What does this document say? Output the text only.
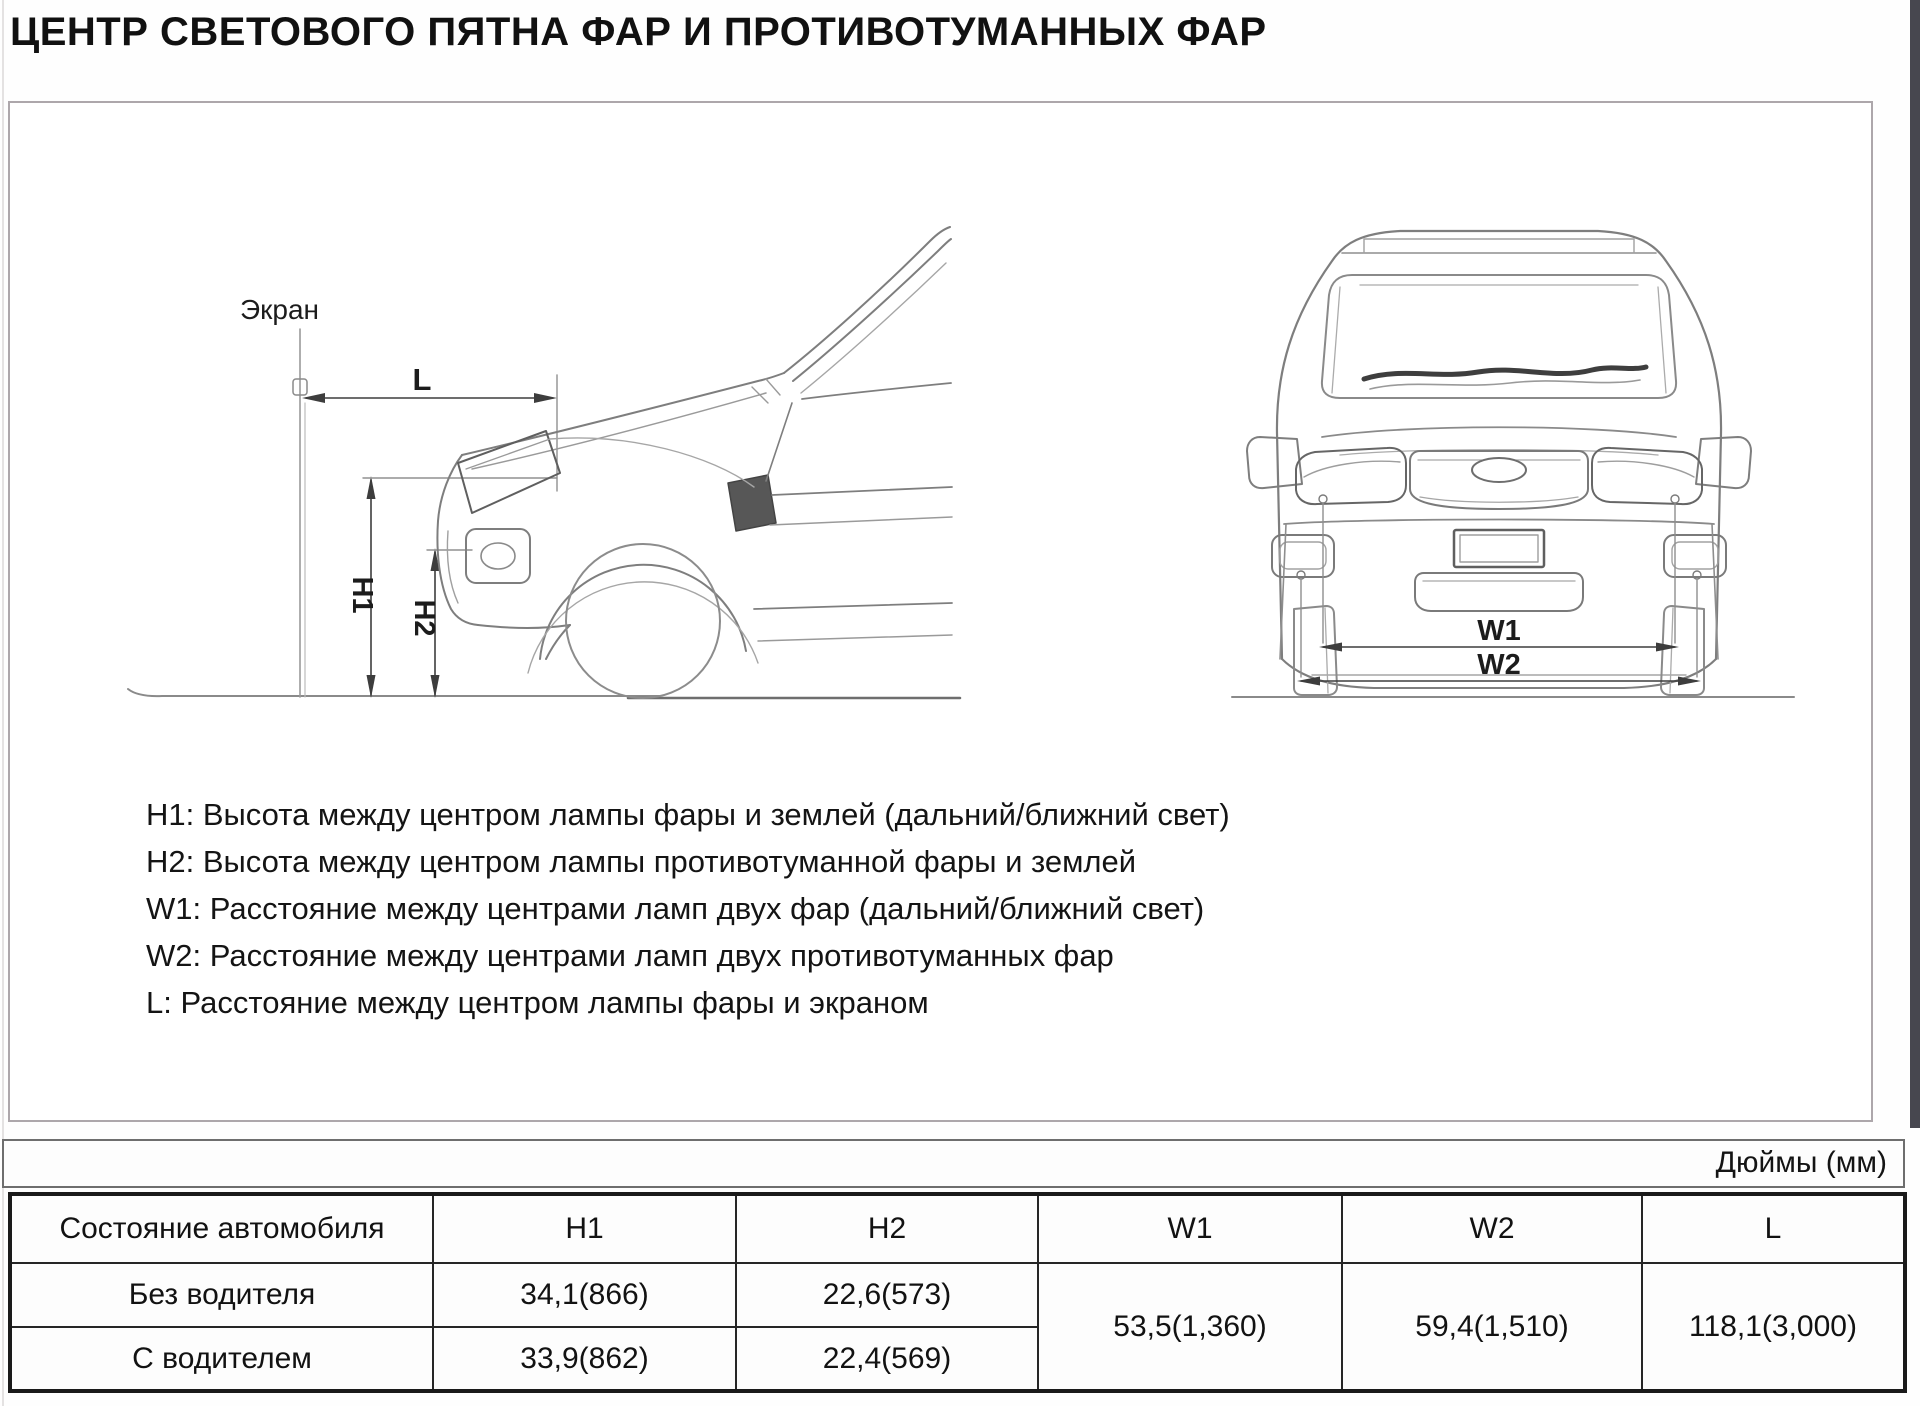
ЦЕНТР СВЕТОВОГО ПЯТНА ФАР И ПРОТИВОТУМАННЫХ ФАР
Экран
L
H1
H2	W1
W2
H1: Высота между центром лампы фары и землей (дальний/ближний свет)
H2: Высота между центром лампы противотуманной фары и землей
W1: Расстояние между центрами ламп двух фар (дальний/ближний свет)
W2: Расстояние между центрами ламп двух противотуманных фар
L: Расстояние между центром лампы фары и экраном
Дюймы (мм)
Состояние автомобиля	H1	H2	W1	W2	L
Без водителя	34,1(866)	22,6(573)	53,5(1,360)	59,4(1,510)	118,1(3,000)
С водителем	33,9(862)	22,4(569)			
